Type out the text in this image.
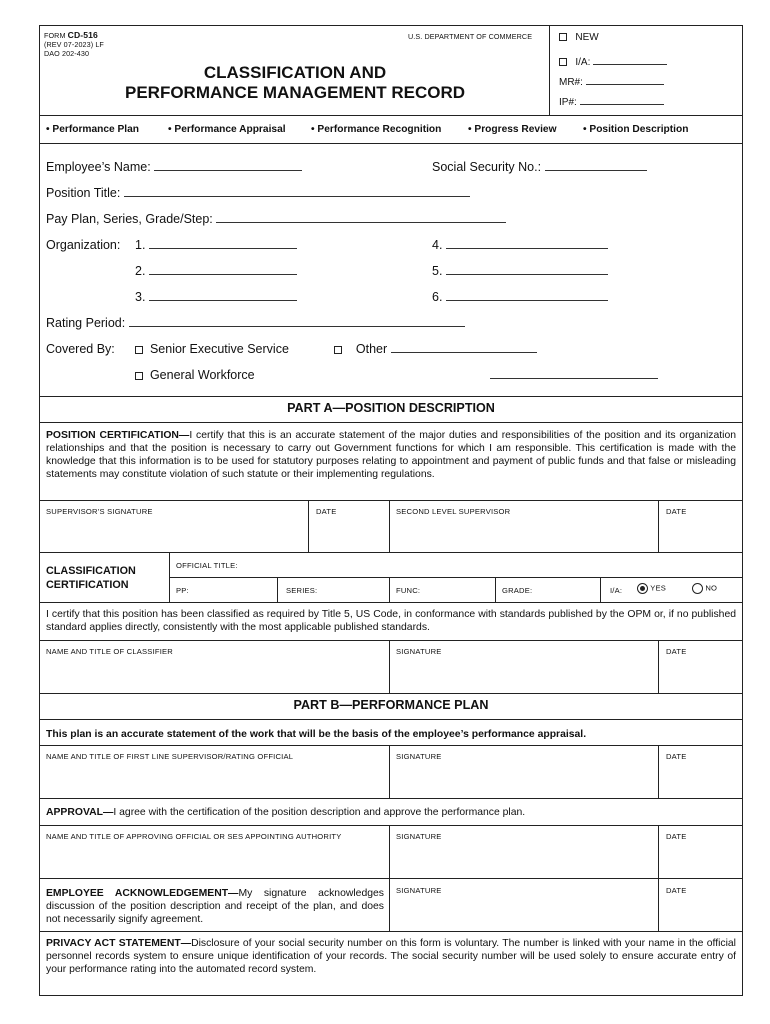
FORM CD-516
(REV 07-2023) LF
DAO 202-430
U.S. DEPARTMENT OF COMMERCE
CLASSIFICATION AND
PERFORMANCE MANAGEMENT RECORD
NEW
I/A:
MR#:
IP#:
• Performance Plan	• Performance Appraisal • Performance Recognition	• Progress Review	• Position Description
Employee’s Name:	Social Security No.:
Position Title:
Pay Plan, Series, Grade/Step:
Organization: 1.
2.
3.
4.
5.
6.
Rating Period:
Covered By:	Senior Executive Service	Other
General Workforce
PART A—POSITION DESCRIPTION
POSITION CERTIFICATION—I certify that this is an accurate statement of the major duties and responsibilities of the position and its organization relationships and that the position is necessary to carry out Government functions for which I am responsible. This certification is made with the knowledge that this information is to be used for statutory purposes relating to appointment and payment of public funds and that false or misleading statements may constitute violation of such statute or their implementing regulations.
SUPERVISOR’S SIGNATURE	DATE	SECOND LEVEL SUPERVISOR	DATE
CLASSIFICATION
CERTIFICATION
OFFICIAL TITLE:
PP:	SERIES:	FUNC:	GRADE:	I/A:	YES	NO
I certify that this position has been classified as required by Title 5, US Code, in conformance with standards published by the OPM or, if no published standard applies directly, consistently with the most applicable published standards.
NAME AND TITLE OF CLASSIFIER	SIGNATURE	DATE
PART B—PERFORMANCE PLAN
This plan is an accurate statement of the work that will be the basis of the employee’s performance appraisal.
NAME AND TITLE OF FIRST LINE SUPERVISOR/RATING OFFICIAL	SIGNATURE	DATE
APPROVAL—I agree with the certification of the position description and approve the performance plan.
NAME AND TITLE OF APPROVING OFFICIAL OR SES APPOINTING AUTHORITY	SIGNATURE	DATE
EMPLOYEE ACKNOWLEDGEMENT—My signature acknowledges discussion of the position description and receipt of the plan, and does not necessarily signify agreement.
SIGNATURE	DATE
PRIVACY ACT STATEMENT—Disclosure of your social security number on this form is voluntary. The number is linked with your name in the official personnel records system to ensure unique identification of your records. The social security number will be used solely to ensure accurate entry of your performance rating into the automated record system.
